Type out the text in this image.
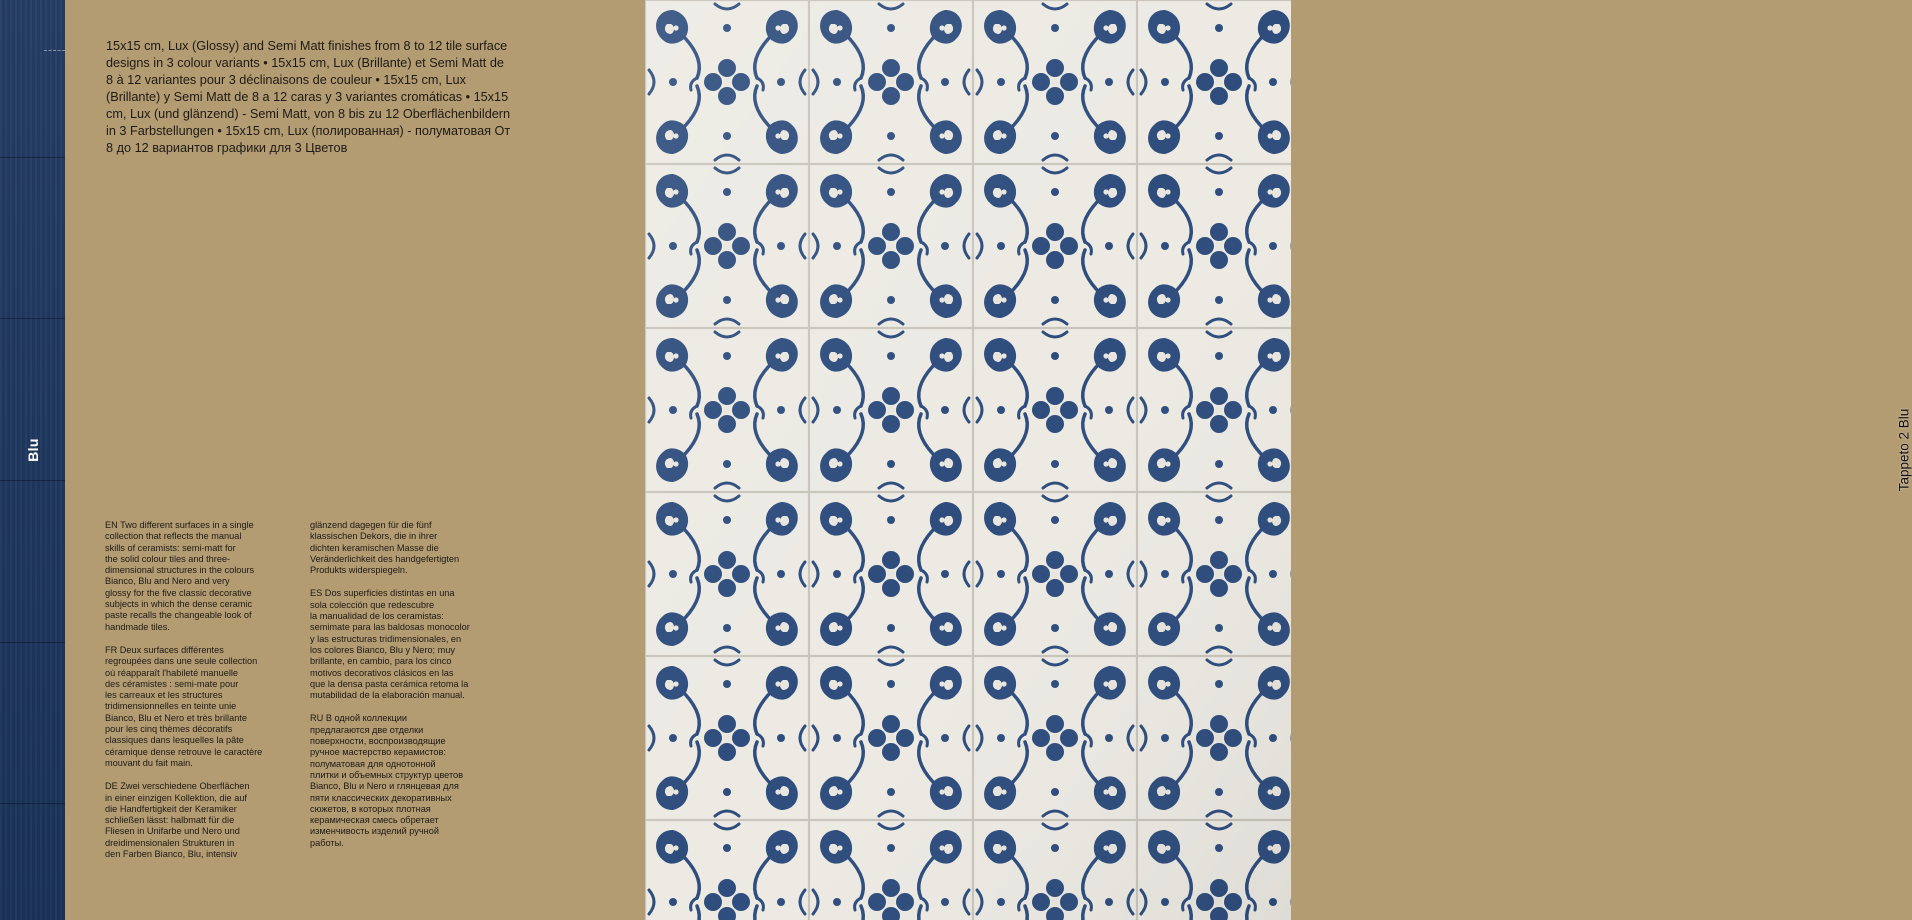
Blu
15x15 cm, Lux (Glossy) and Semi Matt finishes from 8 to 12 tile surface designs in 3 colour variants • 15x15 cm, Lux (Brillante) et Semi Matt de 8 à 12 variantes pour 3 déclinaisons de couleur • 15x15 cm, Lux (Brillante) y Semi Matt de 8 a 12 caras y 3 variantes cromáticas • 15x15 cm, Lux (und glänzend) - Semi Matt, von 8 bis zu 12 Oberflächenbildern in 3 Farbstellungen • 15x15 cm, Lux (полированная) - полуматовая От 8 до 12 вариантов графики для 3 Цветов

EN Two different surfaces in a single
collection that reflects the manual
skills of ceramists: semi-matt for
the solid colour tiles and three-
dimensional structures in the colours
Bianco, Blu and Nero and very
glossy for the five classic decorative
subjects in which the dense ceramic
paste recalls the changeable look of
handmade tiles.

FR Deux surfaces différentes
regroupées dans une seule collection
où réapparaît l'habileté manuelle
des céramistes : semi-mate pour
les carreaux et les structures
tridimensionnelles en teinte unie
Bianco, Blu et Nero et très brillante
pour les cinq thèmes décoratifs
classiques dans lesquelles la pâte
céramique dense retrouve le caractère
mouvant du fait main.

DE Zwei verschiedene Oberflächen
in einer einzigen Kollektion, die auf
die Handfertigkeit der Keramiker
schließen lässt: halbmatt für die
Fliesen in Unifarbe und Nero und
dreidimensionalen Strukturen in
den Farben Bianco, Blu, intensiv

glänzend dagegen für die fünf
klassischen Dekors, die in ihrer
dichten keramischen Masse die
Veränderlichkeit des handgefertigten
Produkts widerspiegeln.

ES Dos superficies distintas en una
sola colección que redescubre
la manualidad de los ceramistas:
semimate para las baldosas monocolor
y las estructuras tridimensionales, en
los colores Bianco, Blu y Nero; muy
brillante, en cambio, para los cinco
motivos decorativos clásicos en las
que la densa pasta cerámica retoma la
mutabilidad de la elaboración manual.

RU В одной коллекции
предлагаются две отделки
поверхности, воспроизводящие
ручное мастерство керамистов:
полуматовая для однотонной
плитки и объемных структур цветов
Bianco, Blu и Nero и глянцевая для
пяти классических декоративных
сюжетов, в которых плотная
керамическая смесь обретает
изменчивость изделий ручной
работы.

Tappeto 2 Blu
